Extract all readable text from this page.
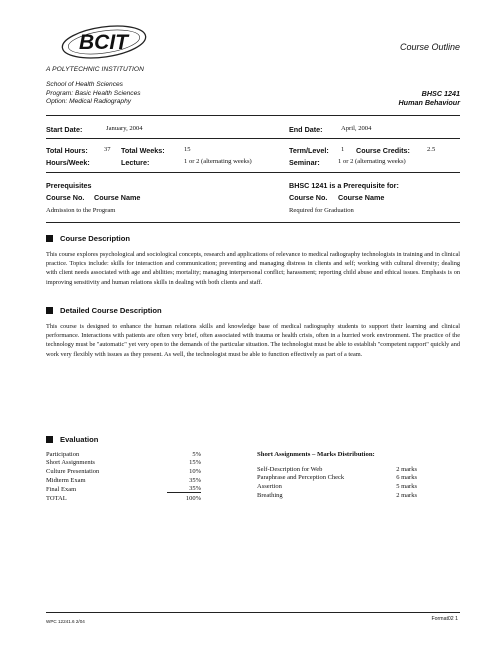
BCIT	Course Outline
A POLYTECHNIC INSTITUTION
School of Health Sciences
Program: Basic Health Sciences
Option: Medical Radiography
BHSC 1241
Human Behaviour
Start Date:	January, 2004	End Date:	April, 2004
Total Hours: 37 Total Weeks:	15	Term/Level: 1 Course Credits:	2.5
Hours/Week:	Lecture:	1 or 2 (alternating weeks)	Seminar:	1 or 2 (alternating weeks)
Prerequisites
Course No. Course Name
Admission to the Program
BHSC 1241 is a Prerequisite for:
Course No. Course Name
Required for Graduation
Course Description
This course explores psychological and sociological concepts, research and applications of relevance to medical radiography technologists in training and in clinical practice. Topics include: skills for interaction and communication; preventing and managing distress in clients and self; working with cultural diversity; dealing with client needs associated with age and abilities; mortality; managing interpersonal conflict; harassment; reporting child abuse and ethical issues. Emphasis is on improving sensitivity and human relations skills in dealing with both clients and staff.
Detailed Course Description
This course is designed to enhance the human relations skills and knowledge base of medical radiography students to support their learning and clinical performance. Interactions with patients are often very brief, often associated with trauma or health crisis, often in a hurried work environment. The practice of the technology must be "automatic" yet very open to the demands of the particular situation. The technologist must be able to establish "competent rapport" quickly and work very flexibly with issues as they present. As well, the technologist must be able to function effectively as part of a team.
Evaluation
Participation	5%
Short Assignments	15%
Culture Presentation	10%
Midterm Exam	35%
Final Exam	35%
TOTAL	100%
Short Assignments – Marks Distribution:
Self-Description for Web	2 marks
Paraphrase and Perception Check	6 marks
Assertion	5 marks
Breathing	2 marks
WPC 12241.6 2/04	Format02 1
